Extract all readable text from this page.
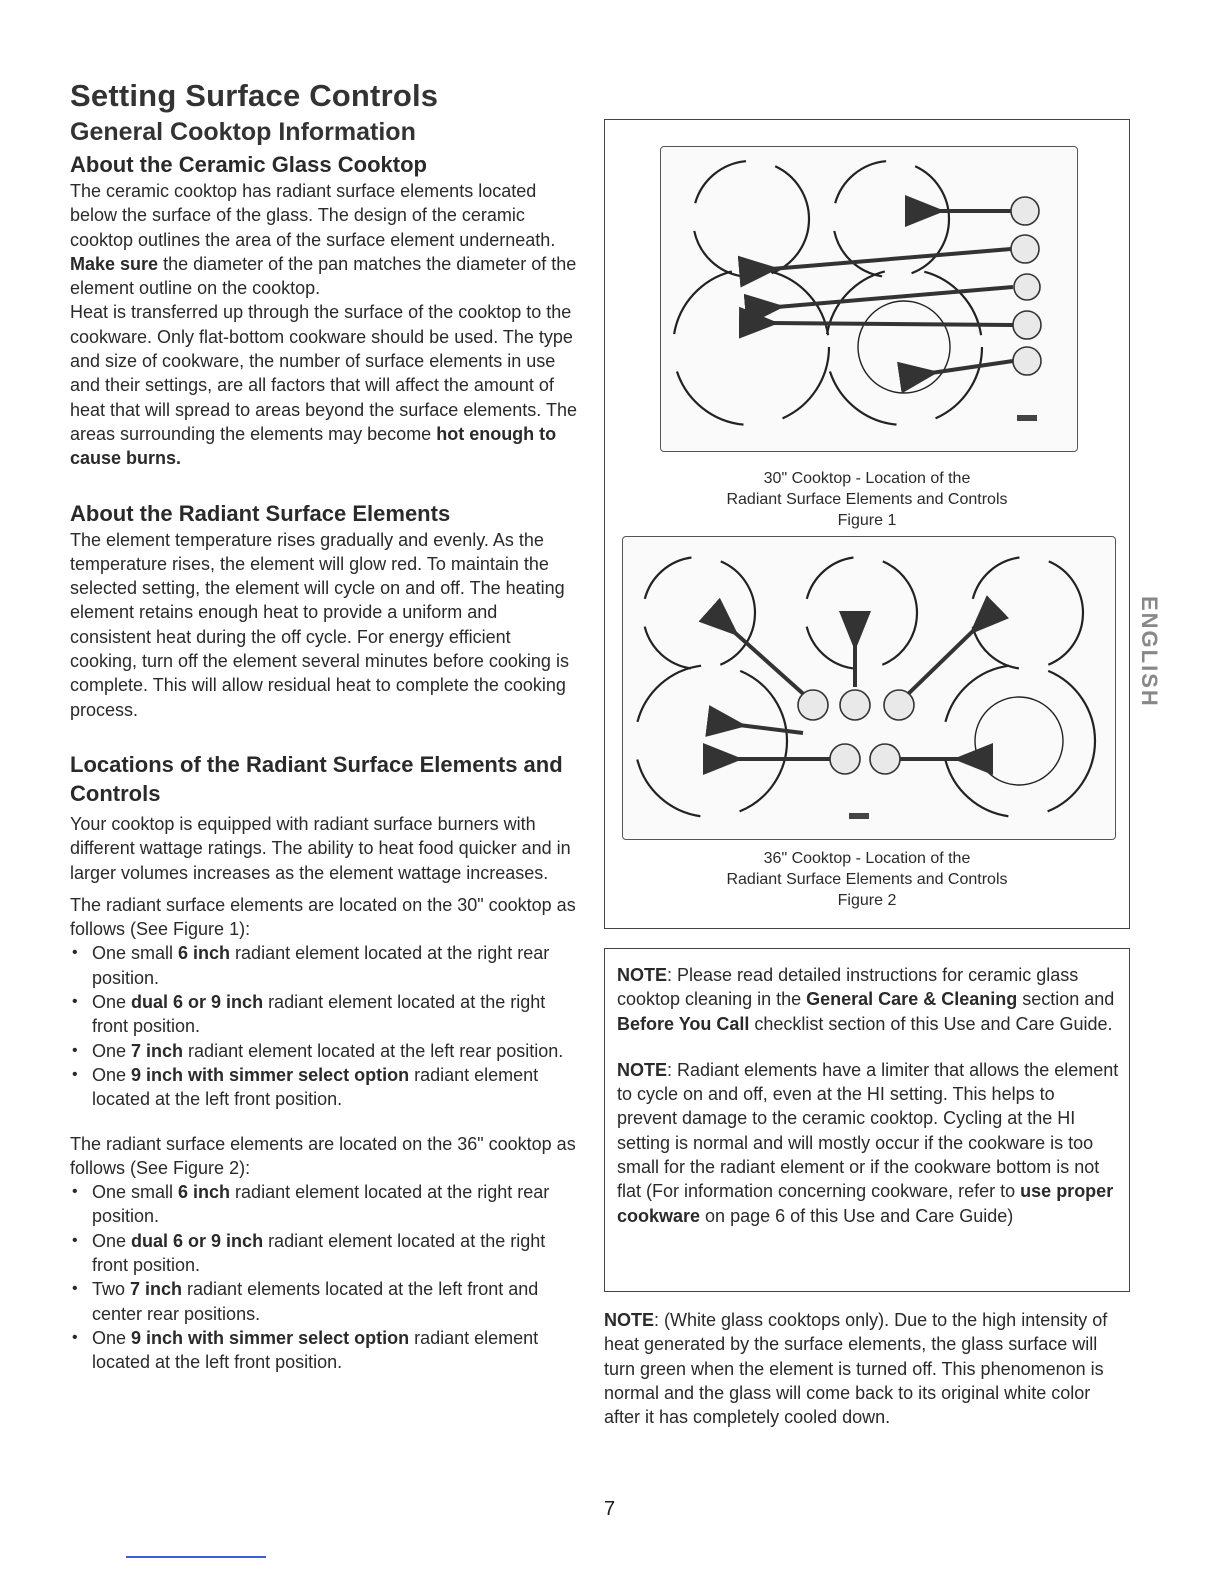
Setting Surface Controls
General Cooktop Information
About the Ceramic Glass Cooktop

The ceramic cooktop has radiant surface elements located below the surface of the glass. The design of the ceramic cooktop outlines the area of the surface element underneath. Make sure the diameter of the pan matches the diameter of the element outline on the cooktop.

Heat is transferred up through the surface of the cooktop to the cookware. Only flat-bottom cookware should be used. The type and size of cookware, the number of surface elements in use and their settings, are all factors that will affect the amount of heat that will spread to areas beyond the surface elements. The areas surrounding the elements may become hot enough to cause burns.

About the Radiant Surface Elements
The element temperature rises gradually and evenly. As the temperature rises, the element will glow red. To maintain the selected setting, the element will cycle on and off. The heating element retains enough heat to provide a uniform and consistent heat during the off cycle. For energy efficient cooking, turn off the element several minutes before cooking is complete. This will allow residual heat to complete the cooking process.
Locations of the Radiant Surface Elements and Controls

Your cooktop is equipped with radiant surface burners with different wattage ratings. The ability to heat food quicker and in larger volumes increases as the element wattage increases.

The radiant surface elements are located on the 30" cooktop as follows (See Figure 1):

• One small 6 inch radiant element located at the right rear position.
• One dual 6 or 9 inch radiant element located at the right front position.
• One 7 inch radiant element located at the left rear position.
• One 9 inch with simmer select option radiant element located at the left front position.

The radiant surface elements are located on the 36" cooktop as follows (See Figure 2):

• One small 6 inch radiant element located at the right rear position.
• One dual 6 or 9 inch radiant element located at the right front position.
• Two 7 inch radiant elements located at the left front and center rear positions.
• One 9 inch with simmer select option radiant element located at the left front position.
30" Cooktop - Location of the
Radiant Surface Elements and Controls
Figure 1
36" Cooktop - Location of the
Radiant Surface Elements and Controls
Figure 2

NOTE: Please read detailed instructions for ceramic glass cooktop cleaning in the General Care & Cleaning section and Before You Call checklist section of this Use and Care Guide.

NOTE: Radiant elements have a limiter that allows the element to cycle on and off, even at the HI setting. This helps to prevent damage to the ceramic cooktop. Cycling at the HI setting is normal and will mostly occur if the cookware is too small for the radiant element or if the cookware bottom is not flat (For information concerning cookware, refer to use proper cookware on page 6 of this Use and Care Guide)

NOTE: (White glass cooktops only). Due to the high intensity of heat generated by the surface elements, the glass surface will turn green when the element is turned off. This phenomenon is normal and the glass will come back to its original white color after it has completely cooled down.
ENGLISH
7
